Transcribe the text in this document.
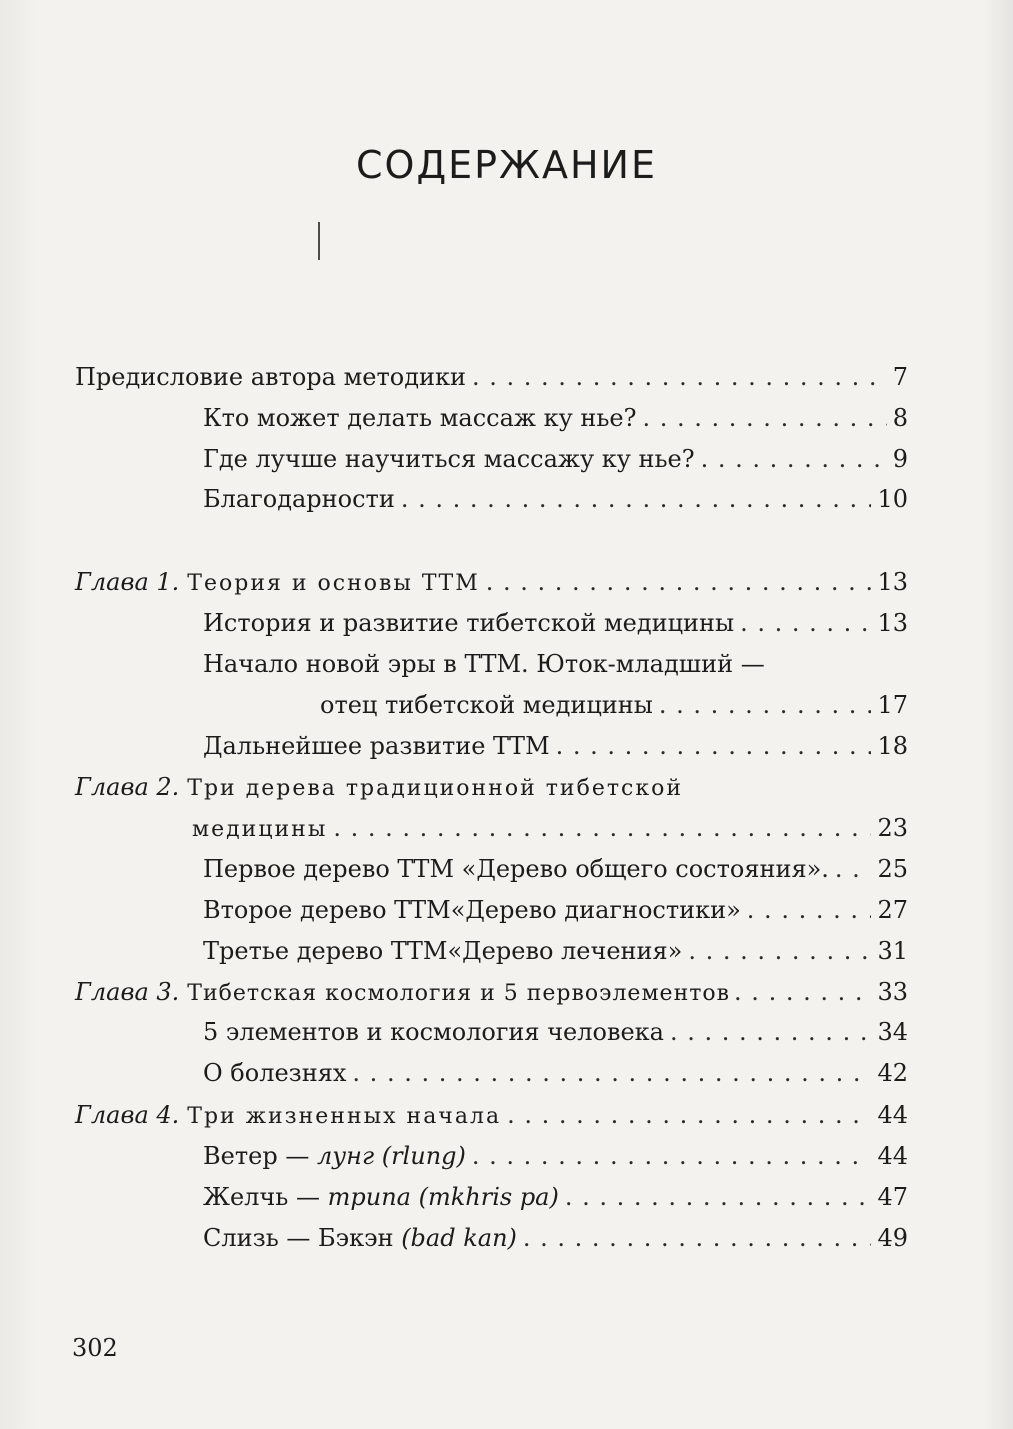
СОДЕРЖАНИЕ
Предисловие автора методики . . .	7
Кто может делать массаж ку нье? . . .	8
Где лучше научиться массажу ку нье? . . .	9
Благодарности . . .	10
Глава 1. Теория и основы ТТМ . . .	13
История и развитие тибетской медицины . . .	13
Начало новой эры в ТТМ. Юток-младший —
отец тибетской медицины . . .	17
Дальнейшее развитие ТТМ . . .	18
Глава 2. Три дерева традиционной тибетской
медицины . . .	23
Первое дерево ТТМ «Дерево общего состояния». . . . 25
Второе дерево ТТМ«Дерево диагностики» . . .	27
Третье дерево ТТМ«Дерево лечения» . . .	31
Глава 3. Тибетская космология и 5 первоэлементов . . .	33
5 элементов и космология человека . . .	34
О болезнях . . .	42
Глава 4. Три жизненных начала . . .	44
Ветер — лунг (rlung) . . .	44
Желчь — трипа (mkhris pa) . . .	47
Слизь — Бэкэн (bad kan) . . .	49
302
